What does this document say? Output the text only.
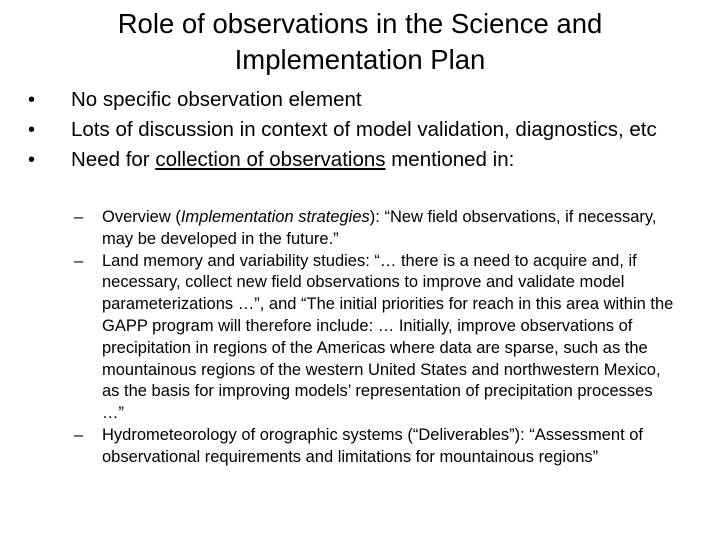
Role of observations in the Science and Implementation Plan
•	No specific observation element
•	Lots of discussion in context of model validation, diagnostics, etc
•	Need for collection of observations mentioned in:
–	Overview (Implementation strategies): “New field observations, if necessary, may be developed in the future.”
–	Land memory and variability studies: “… there is a need to acquire and, if necessary, collect new field observations to improve and validate model parameterizations …”, and “The initial priorities for reach in this area within the GAPP program will therefore include: … Initially, improve observations of precipitation in regions of the Americas where data are sparse, such as the mountainous regions of the western United States and northwestern Mexico, as the basis for improving models’ representation of precipitation processes …”
–	Hydrometeorology of orographic systems (“Deliverables”): “Assessment of observational requirements and limitations for mountainous regions”
